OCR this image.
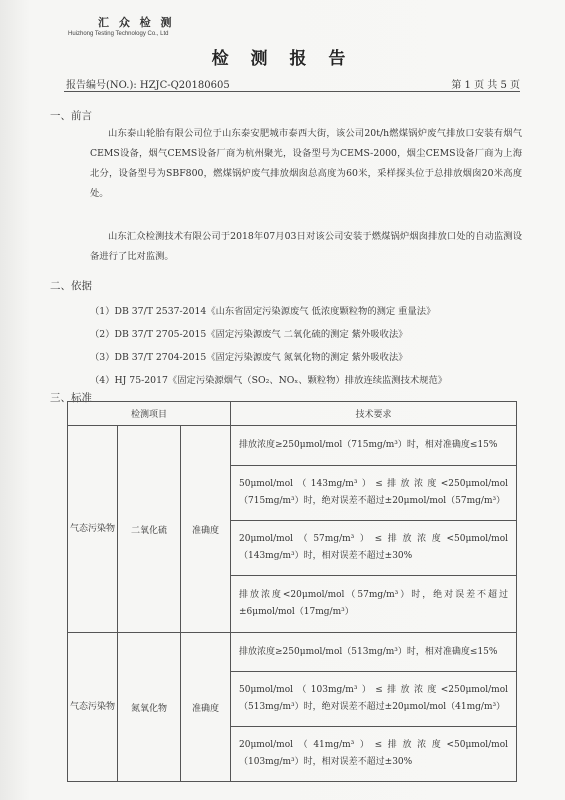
汇 众 检 测
Huizhong Testing Technology Co., Ltd
检 测 报 告
报告编号(NO.): HZJC-Q20180605	第 1 页 共 5 页
一、前言
山东泰山轮胎有限公司位于山东泰安肥城市泰西大街，该公司20t/h燃煤锅炉废气排放口安装有烟气CEMS设备，烟气CEMS设备厂商为杭州聚光，设备型号为CEMS-2000，烟尘CEMS设备厂商为上海北分，设备型号为SBF800，燃煤锅炉废气排放烟囱总高度为60米，采样探头位于总排放烟囱20米高度处。
山东汇众检测技术有限公司于2018年07月03日对该公司安装于燃煤锅炉烟囱排放口处的自动监测设备进行了比对监测。
二、依据
（1）DB 37/T 2537-2014《山东省固定污染源废气 低浓度颗粒物的测定 重量法》
（2）DB 37/T 2705-2015《固定污染源废气 二氧化硫的测定 紫外吸收法》
（3）DB 37/T 2704-2015《固定污染源废气 氮氧化物的测定 紫外吸收法》
（4）HJ 75-2017《固定污染源烟气（SO₂、NOₓ、颗粒物）排放连续监测技术规范》
三、标准
检测项目			技术要求
气态污染物	二氧化硫	准确度	排放浓度≥250μmol/mol（715mg/m³）时，相对准确度≤15%
			50μmol/mol（143mg/m³）≤排放浓度<250μmol/mol（715mg/m³）时，绝对误差不超过±20μmol/mol（57mg/m³）
			20μmol/mol（57mg/m³）≤排放浓度<50μmol/mol（143mg/m³）时，相对误差不超过±30%
			排放浓度<20μmol/mol（57mg/m³）时，绝对误差不超过±6μmol/mol（17mg/m³）
气态污染物	氮氧化物	准确度	排放浓度≥250μmol/mol（513mg/m³）时，相对准确度≤15%
			50μmol/mol（103mg/m³）≤排放浓度<250μmol/mol（513mg/m³）时，绝对误差不超过±20μmol/mol（41mg/m³）
			20μmol/mol（41mg/m³）≤排放浓度<50μmol/mol（103mg/m³）时，相对误差不超过±30%
